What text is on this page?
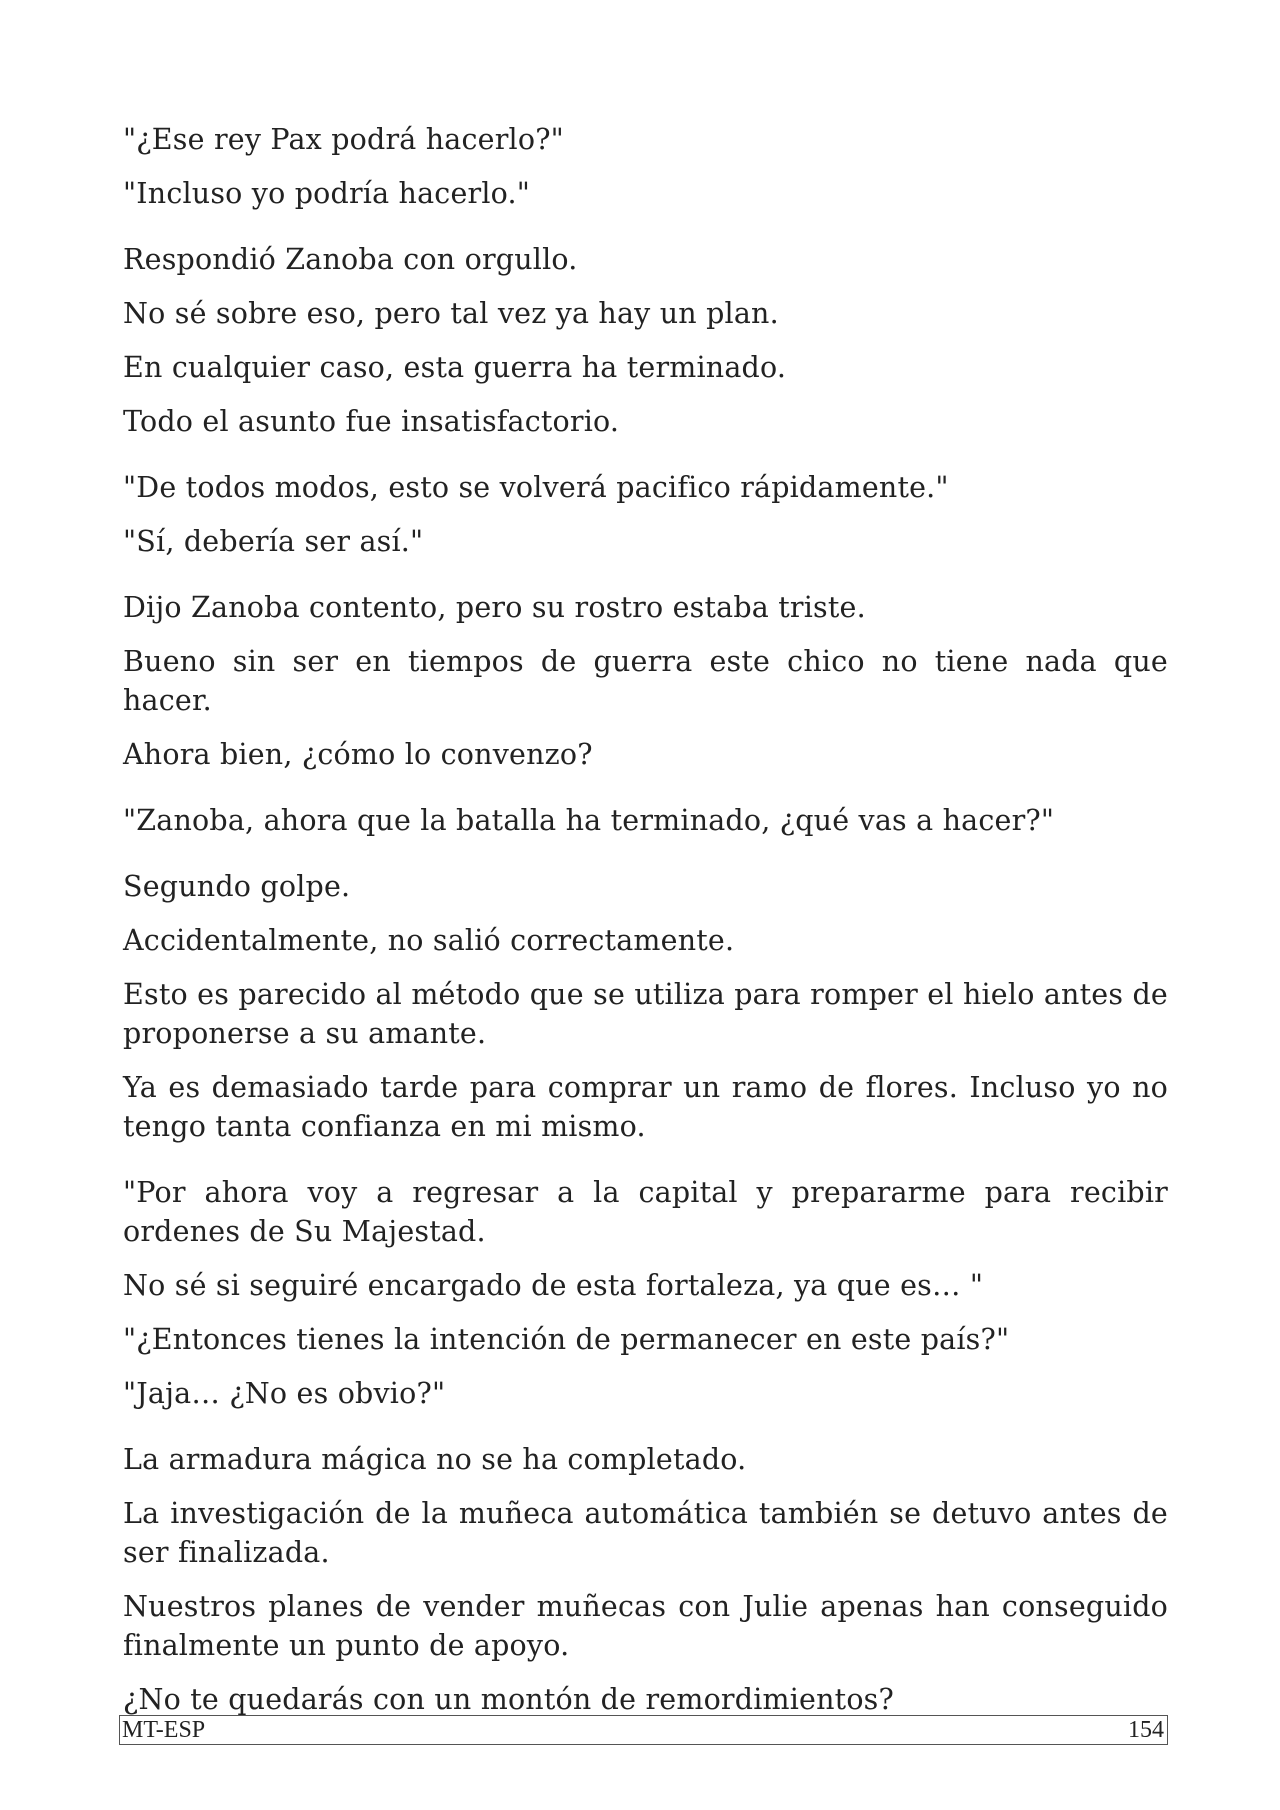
"¿Ese rey Pax podrá hacerlo?"

"Incluso yo podría hacerlo."

Respondió Zanoba con orgullo.

No sé sobre eso, pero tal vez ya hay un plan.

En cualquier caso, esta guerra ha terminado.

Todo el asunto fue insatisfactorio.

"De todos modos, esto se volverá pacifico rápidamente."

"Sí, debería ser así."

Dijo Zanoba contento, pero su rostro estaba triste.

Bueno sin ser en tiempos de guerra este chico no tiene nada que hacer.

Ahora bien, ¿cómo lo convenzo?

"Zanoba, ahora que la batalla ha terminado, ¿qué vas a hacer?"

Segundo golpe.

Accidentalmente, no salió correctamente.

Esto es parecido al método que se utiliza para romper el hielo antes de proponerse a su amante.

Ya es demasiado tarde para comprar un ramo de flores. Incluso yo no tengo tanta confianza en mi mismo.

"Por ahora voy a regresar a la capital y prepararme para recibir ordenes de Su Majestad.

No sé si seguiré encargado de esta fortaleza, ya que es… "

"¿Entonces tienes la intención de permanecer en este país?"

"Jaja… ¿No es obvio?"

La armadura mágica no se ha completado.

La investigación de la muñeca automática también se detuvo antes de ser finalizada.

Nuestros planes de vender muñecas con Julie apenas han conseguido finalmente un punto de apoyo.

¿No te quedarás con un montón de remordimientos?

MT-ESP	154
